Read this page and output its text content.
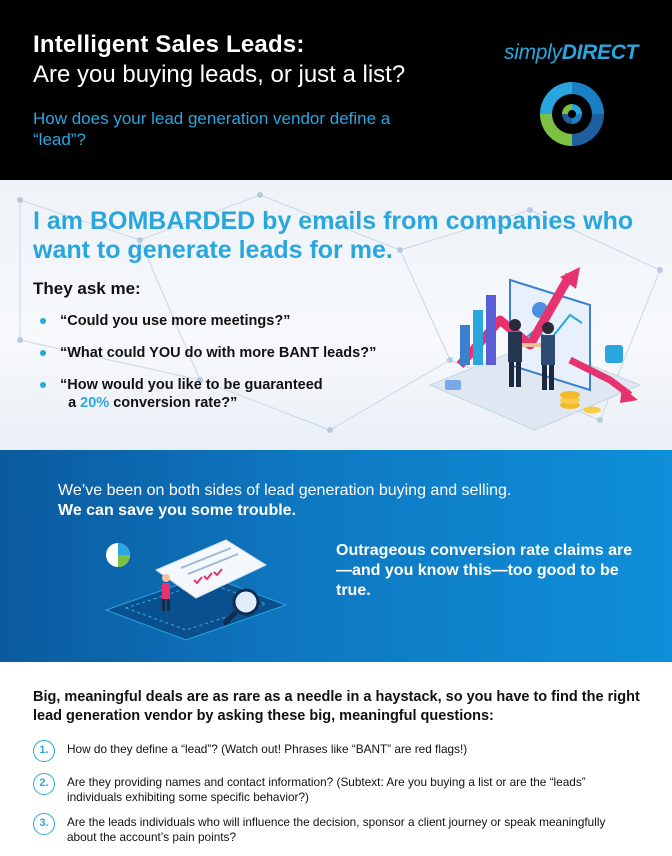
Intelligent Sales Leads:
Are you buying leads, or just a list?
How does your lead generation vendor define a “lead”?
simplyDIRECT
I am BOMBARDED by emails from companies who want to generate leads for me.
They ask me:
“Could you use more meetings?”
“What could YOU do with more BANT leads?”
“How would you like to be guaranteed
a 20% conversion rate?”
We’ve been on both sides of lead generation buying and selling.
We can save you some trouble.
Outrageous conversion rate claims are—and you know this—too good to be true.
Big, meaningful deals are as rare as a needle in a haystack, so you have to find the right lead generation vendor by asking these big, meaningful questions:
1.	How do they define a “lead”? (Watch out! Phrases like “BANT” are red flags!)
2.	Are they providing names and contact information? (Subtext: Are you buying a list or are the “leads” individuals exhibiting some specific behavior?)
3.	Are the leads individuals who will influence the decision, sponsor a client journey or speak meaningfully about the account’s pain points?
